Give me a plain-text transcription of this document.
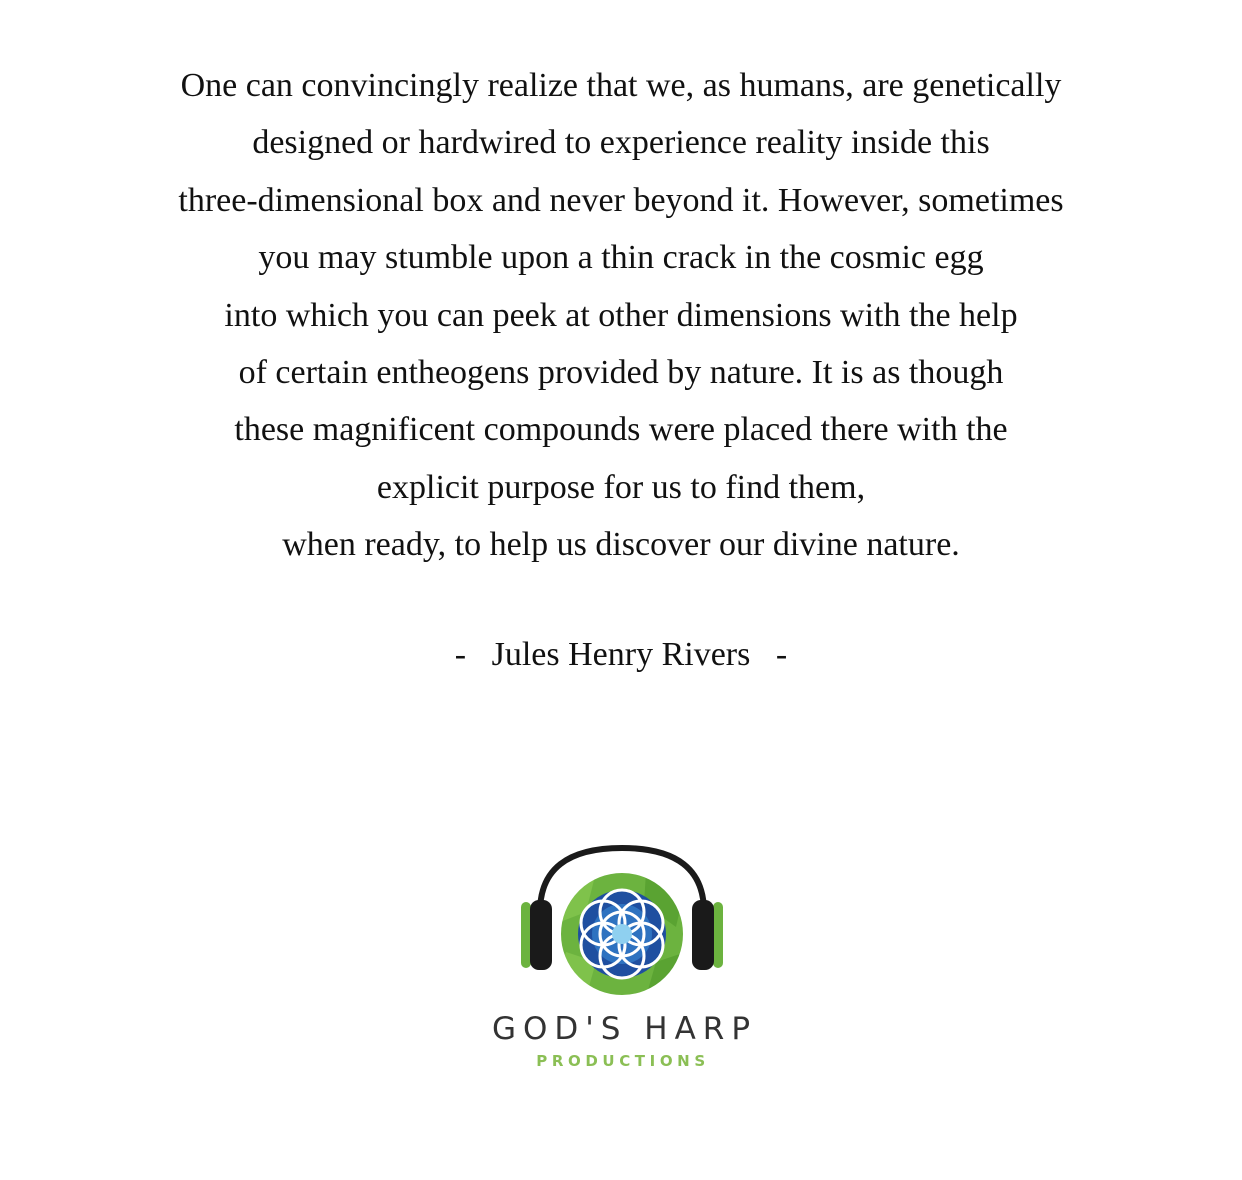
One can convincingly realize that we, as humans, are genetically
designed or hardwired to experience reality inside this
three-dimensional box and never beyond it. However, sometimes
you may stumble upon a thin crack in the cosmic egg
into which you can peek at other dimensions with the help
of certain entheogens provided by nature. It is as though
these magnificent compounds were placed there with the
explicit purpose for us to find them,
when ready, to help us discover our divine nature.
-   Jules Henry Rivers   -
GOD'S HARP
PRODUCTIONS
